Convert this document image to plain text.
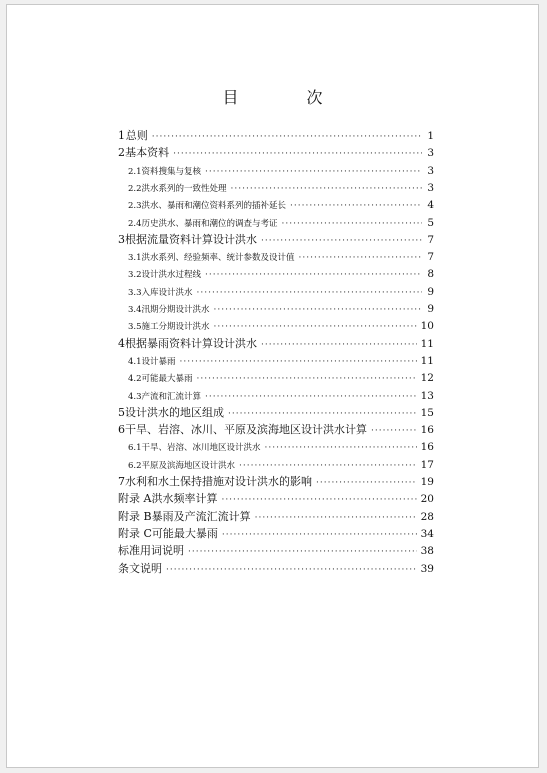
目　次
1 总则 ·····	1
2 基本资料 ·····	3
2.1 资料搜集与复核 ·····	3
2.2 洪水系列的一致性处理 ·····	3
2.3 洪水、暴雨和潮位资料系列的插补延长 ·····	4
2.4 历史洪水、暴雨和潮位的调查与考证 ·····	5
3 根据流量资料计算设计洪水 ·····	7
3.1 洪水系列、经验频率、统计参数及设计值 ·····	7
3.2 设计洪水过程线 ·····	8
3.3 入库设计洪水 ·····	9
3.4 汛期分期设计洪水 ·····	9
3.5 施工分期设计洪水 ·····	10
4 根据暴雨资料计算设计洪水 ·····	11
4.1 设计暴雨 ·····	11
4.2 可能最大暴雨 ·····	12
4.3 产流和汇流计算 ·····	13
5 设计洪水的地区组成 ·····	15
6 干旱、岩溶、冰川、平原及滨海地区设计洪水计算 ·····	16
6.1 干旱、岩溶、冰川地区设计洪水 ·····	16
6.2 平原及滨海地区设计洪水 ·····	17
7 水利和水土保持措施对设计洪水的影响 ·····	19
附录 A 洪水频率计算 ·····	20
附录 B 暴雨及产流汇流计算 ·····	28
附录 C 可能最大暴雨 ·····	34
标准用词说明 ·····	38
条文说明 ·····	39
